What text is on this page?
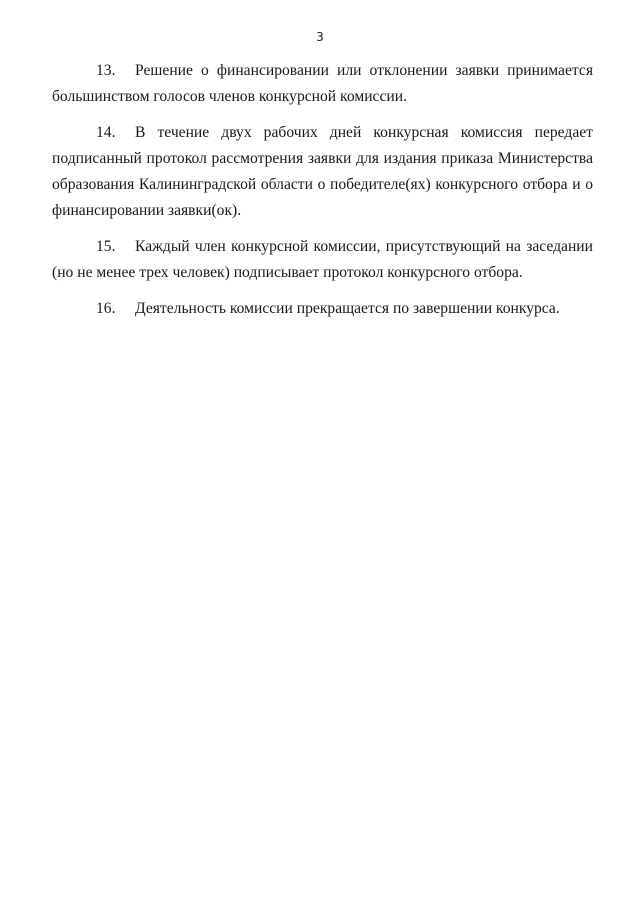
3

13. Решение о финансировании или отклонении заявки принимается большинством голосов членов конкурсной комиссии.

14. В течение двух рабочих дней конкурсная комиссия передает подписанный протокол рассмотрения заявки для издания приказа Министерства образования Калининградской области о победителе(ях) конкурсного отбора и о финансировании заявки(ок).

15. Каждый член конкурсной комиссии, присутствующий на заседании (но не менее трех человек) подписывает протокол конкурсного отбора.

16. Деятельность комиссии прекращается по завершении конкурса.
